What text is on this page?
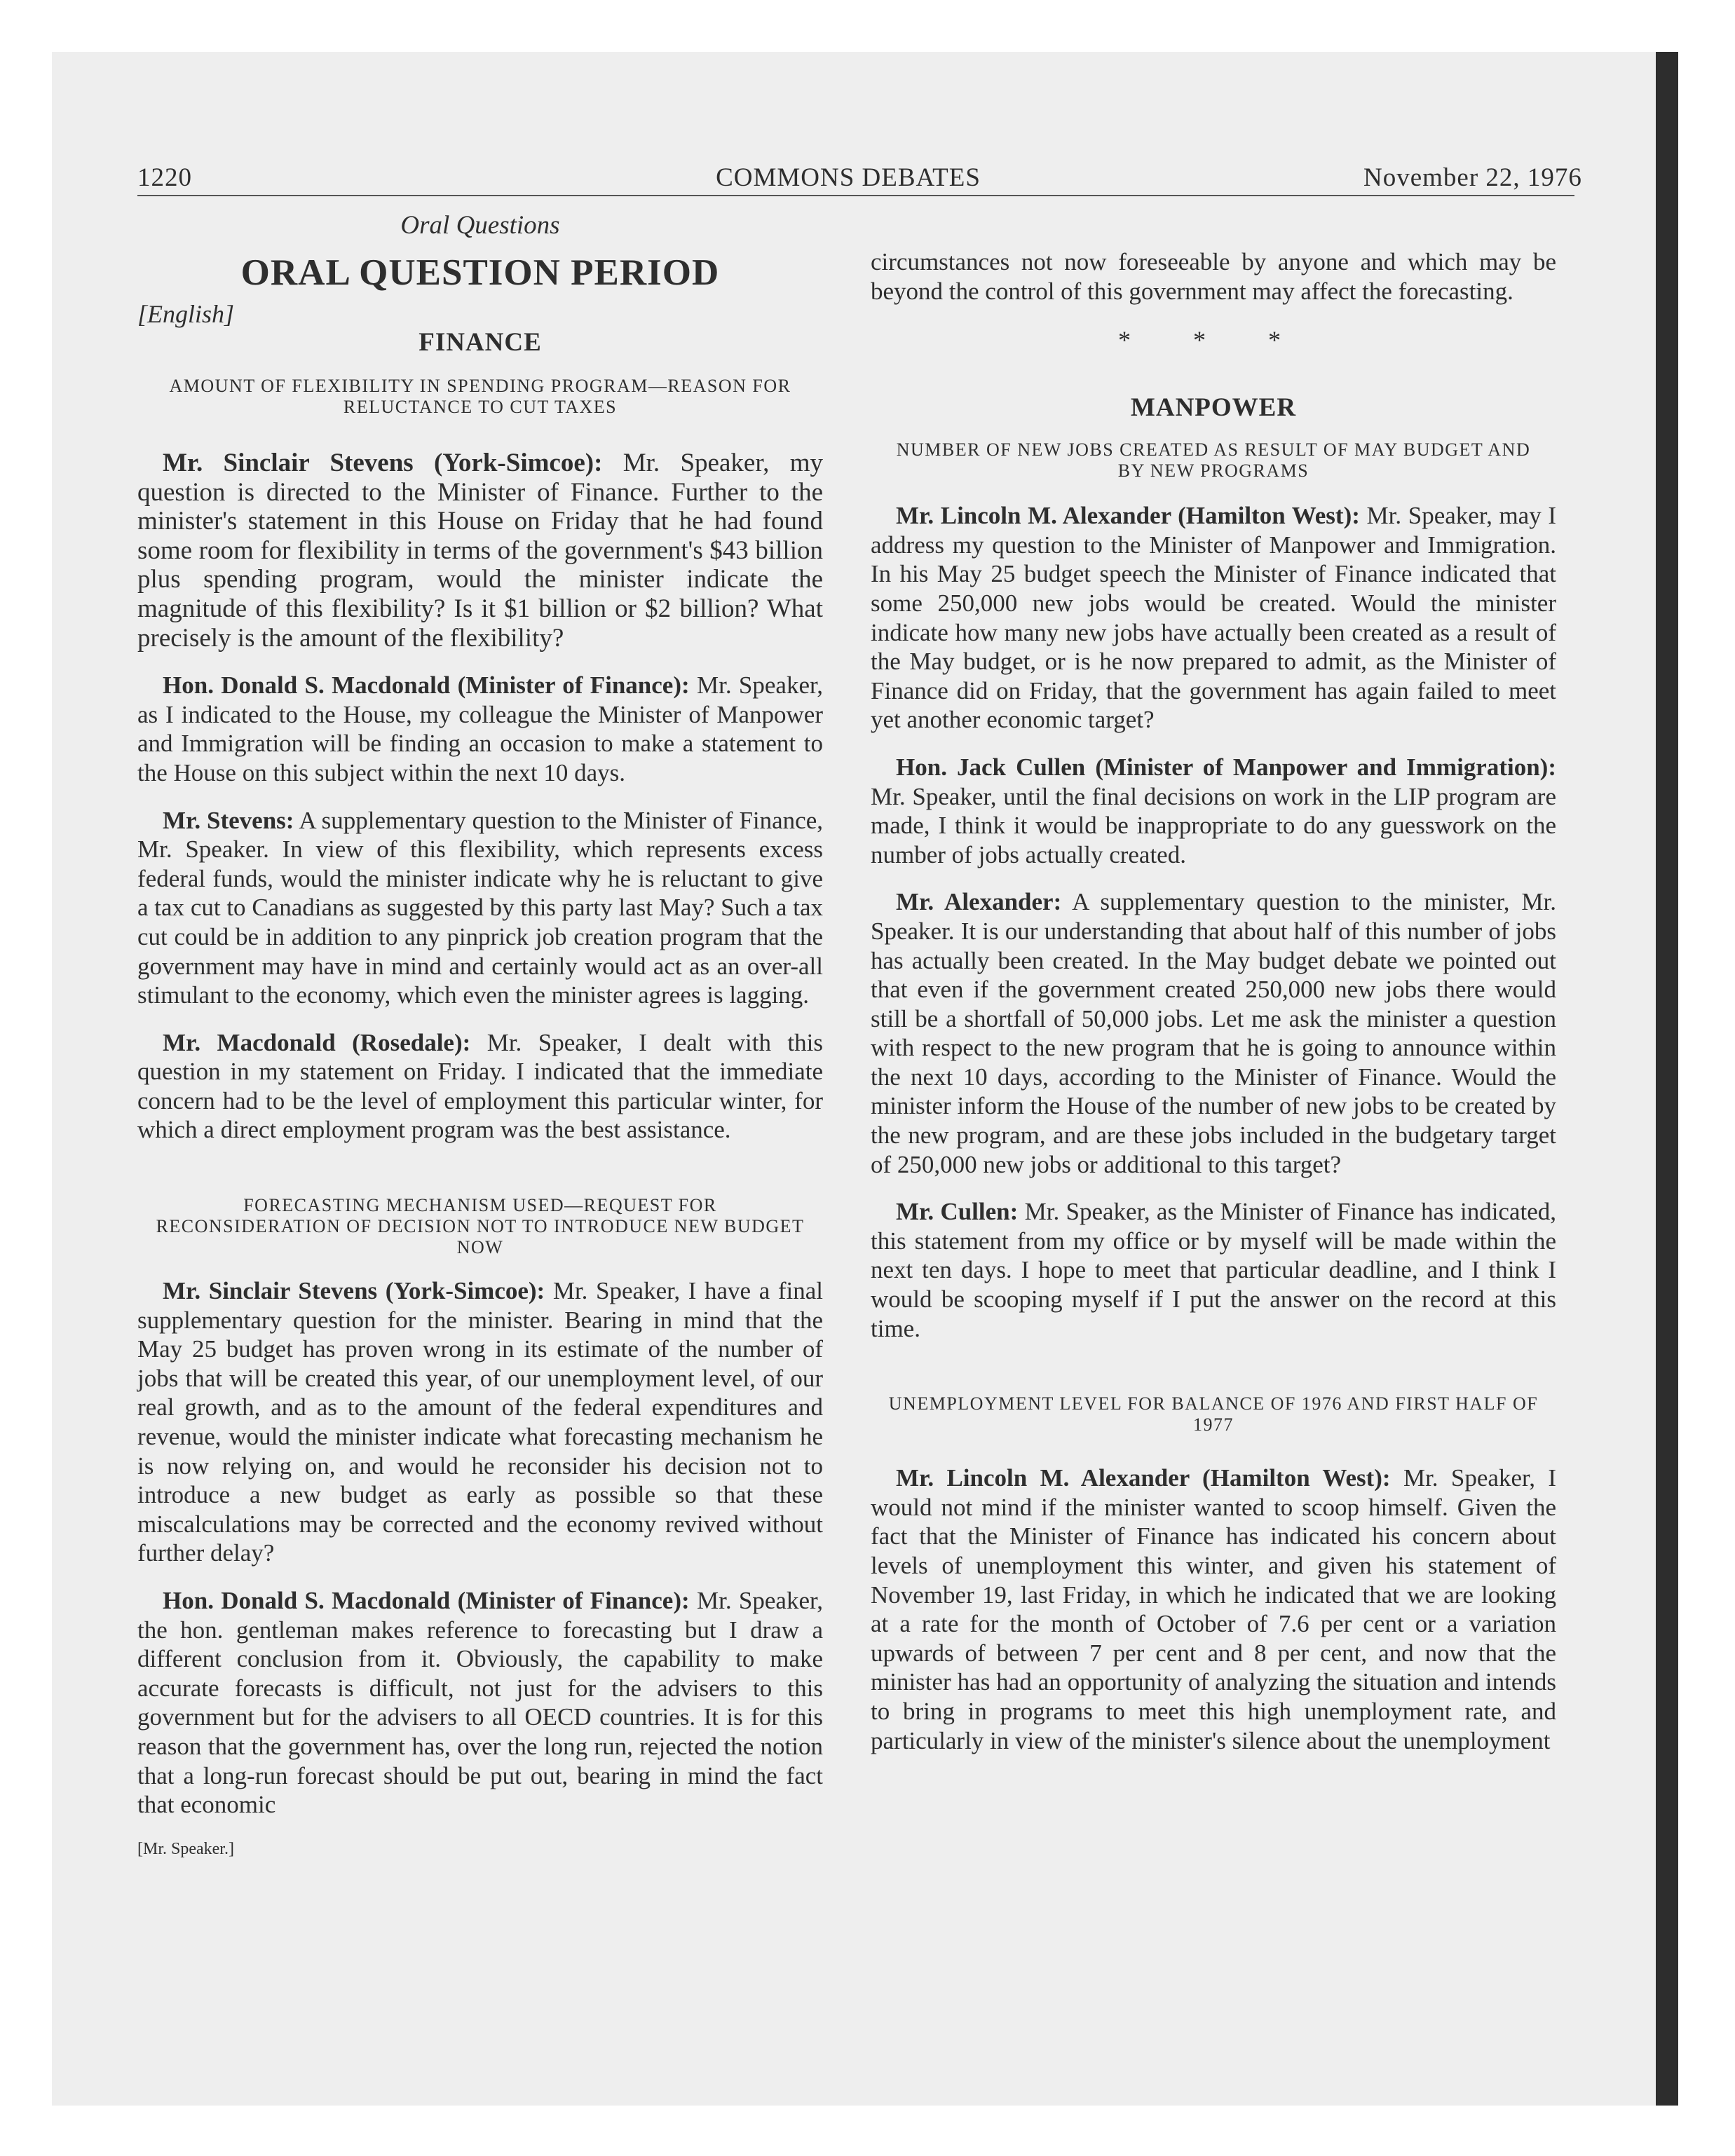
1220	COMMONS DEBATES	November 22, 1976
Oral Questions
ORAL QUESTION PERIOD
[English]
FINANCE
AMOUNT OF FLEXIBILITY IN SPENDING PROGRAM—REASON FOR RELUCTANCE TO CUT TAXES

Mr. Sinclair Stevens (York-Simcoe): Mr. Speaker, my question is directed to the Minister of Finance. Further to the minister's statement in this House on Friday that he had found some room for flexibility in terms of the government's $43 billion plus spending program, would the minister indicate the magnitude of this flexibility? Is it $1 billion or $2 billion? What precisely is the amount of the flexibility?

Hon. Donald S. Macdonald (Minister of Finance): Mr. Speaker, as I indicated to the House, my colleague the Minister of Manpower and Immigration will be finding an occasion to make a statement to the House on this subject within the next 10 days.

Mr. Stevens: A supplementary question to the Minister of Finance, Mr. Speaker. In view of this flexibility, which represents excess federal funds, would the minister indicate why he is reluctant to give a tax cut to Canadians as suggested by this party last May? Such a tax cut could be in addition to any pinprick job creation program that the government may have in mind and certainly would act as an over-all stimulant to the economy, which even the minister agrees is lagging.

Mr. Macdonald (Rosedale): Mr. Speaker, I dealt with this question in my statement on Friday. I indicated that the immediate concern had to be the level of employment this particular winter, for which a direct employment program was the best assistance.

FORECASTING MECHANISM USED—REQUEST FOR RECONSIDERATION OF DECISION NOT TO INTRODUCE NEW BUDGET NOW

Mr. Sinclair Stevens (York-Simcoe): Mr. Speaker, I have a final supplementary question for the minister. Bearing in mind that the May 25 budget has proven wrong in its estimate of the number of jobs that will be created this year, of our unemployment level, of our real growth, and as to the amount of the federal expenditures and revenue, would the minister indicate what forecasting mechanism he is now relying on, and would he reconsider his decision not to introduce a new budget as early as possible so that these miscalculations may be corrected and the economy revived without further delay?

Hon. Donald S. Macdonald (Minister of Finance): Mr. Speaker, the hon. gentleman makes reference to forecasting but I draw a different conclusion from it. Obviously, the capability to make accurate forecasts is difficult, not just for the advisers to this government but for the advisers to all OECD countries. It is for this reason that the government has, over the long run, rejected the notion that a long-run forecast should be put out, bearing in mind the fact that economic

[Mr. Speaker.]

circumstances not now foreseeable by anyone and which may be beyond the control of this government may affect the forecasting.

* * *
MANPOWER
NUMBER OF NEW JOBS CREATED AS RESULT OF MAY BUDGET AND BY NEW PROGRAMS

Mr. Lincoln M. Alexander (Hamilton West): Mr. Speaker, may I address my question to the Minister of Manpower and Immigration. In his May 25 budget speech the Minister of Finance indicated that some 250,000 new jobs would be created. Would the minister indicate how many new jobs have actually been created as a result of the May budget, or is he now prepared to admit, as the Minister of Finance did on Friday, that the government has again failed to meet yet another economic target?

Hon. Jack Cullen (Minister of Manpower and Immigration): Mr. Speaker, until the final decisions on work in the LIP program are made, I think it would be inappropriate to do any guesswork on the number of jobs actually created.

Mr. Alexander: A supplementary question to the minister, Mr. Speaker. It is our understanding that about half of this number of jobs has actually been created. In the May budget debate we pointed out that even if the government created 250,000 new jobs there would still be a shortfall of 50,000 jobs. Let me ask the minister a question with respect to the new program that he is going to announce within the next 10 days, according to the Minister of Finance. Would the minister inform the House of the number of new jobs to be created by the new program, and are these jobs included in the budgetary target of 250,000 new jobs or additional to this target?

Mr. Cullen: Mr. Speaker, as the Minister of Finance has indicated, this statement from my office or by myself will be made within the next ten days. I hope to meet that particular deadline, and I think I would be scooping myself if I put the answer on the record at this time.

UNEMPLOYMENT LEVEL FOR BALANCE OF 1976 AND FIRST HALF OF 1977

Mr. Lincoln M. Alexander (Hamilton West): Mr. Speaker, I would not mind if the minister wanted to scoop himself. Given the fact that the Minister of Finance has indicated his concern about levels of unemployment this winter, and given his statement of November 19, last Friday, in which he indicated that we are looking at a rate for the month of October of 7.6 per cent or a variation upwards of between 7 per cent and 8 per cent, and now that the minister has had an opportunity of analyzing the situation and intends to bring in programs to meet this high unemployment rate, and particularly in view of the minister's silence about the unemployment
